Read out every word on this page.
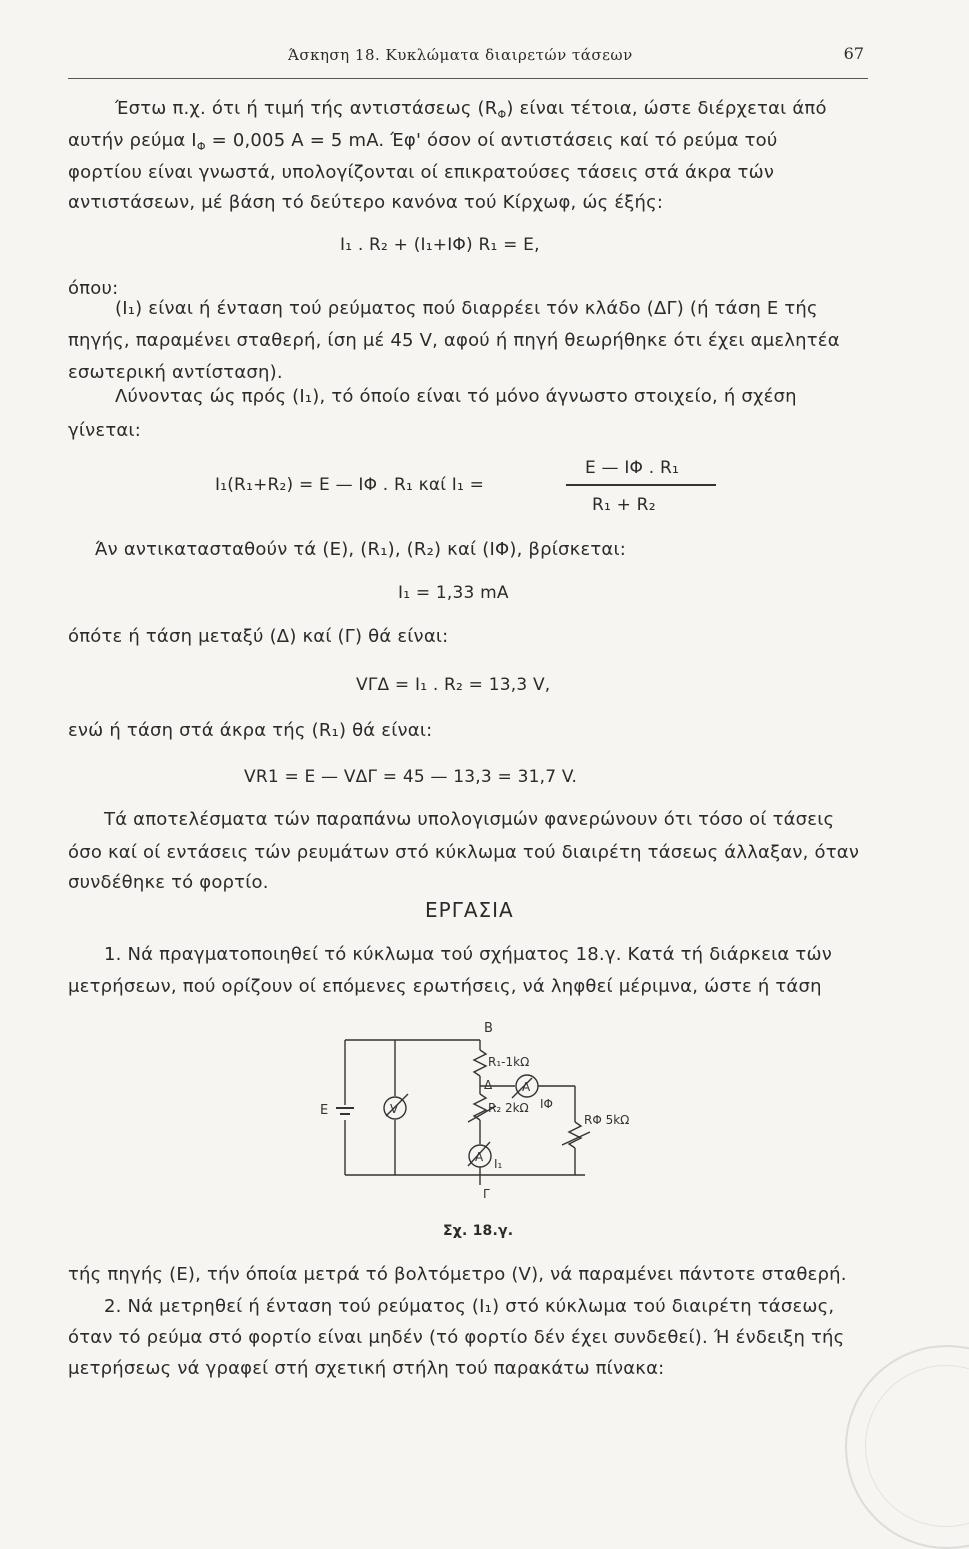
Άσκηση 18. Κυκλώματα διαιρετών τάσεων	67
Έστω π.χ. ότι ή τιμή τής αντιστάσεως $(R_\Phi)$ είναι τέτοια, ώστε διέρχεται άπό
αυτήν ρεύμα $I_\Phi = 0,005$ A = 5 mA. Έφ' όσον οί αντιστάσεις καί τό ρεύμα τού
φορτίου είναι γνωστά, υπολογίζονται οί επικρατούσες τάσεις στά άκρα τών
αντιστάσεων, μέ βάση τό δεύτερο κανόνα τού Κίρχωφ, ώς έξής:
I₁ . R₂ + (I₁+IΦ) R₁ = E,
όπου:
(I₁) είναι ή ένταση τού ρεύματος πού διαρρέει τόν κλάδο (ΔΓ) (ή τάση E τής
πηγής, παραμένει σταθερή, ίση μέ 45 V, αφού ή πηγή θεωρήθηκε ότι έχει αμελητέα
εσωτερική αντίσταση).
Λύνοντας ώς πρός (I₁), τό όποίο είναι τό μόνο άγνωστο στοιχείο, ή σχέση
γίνεται:
E — IΦ . R₁
I₁(R₁+R₂) = E — IΦ . R₁ καί I₁ =
R₁ + R₂
Άν αντικατασταθούν τά (E), (R₁), (R₂) καί (IΦ), βρίσκεται:
I₁ = 1,33 mA
όπότε ή τάση μεταξύ (Δ) καί (Γ) θά είναι:
VΓΔ = I₁ . R₂ = 13,3 V,
ενώ ή τάση στά άκρα τής (R₁) θά είναι:
VR1 = E — VΔΓ = 45 — 13,3 = 31,7 V.
Τά αποτελέσματα τών παραπάνω υπολογισμών φανερώνουν ότι τόσο οί τάσεις
όσο καί οί εντάσεις τών ρευμάτων στό κύκλωμα τού διαιρέτη τάσεως άλλαξαν, όταν
συνδέθηκε τό φορτίο.
ΕΡΓΑΣΙΑ
1. Νά πραγματοποιηθεί τό κύκλωμα τού σχήματος 18.γ. Κατά τή διάρκεια τών
μετρήσεων, πού ορίζουν οί επόμενες ερωτήσεις, νά ληφθεί μέριμνα, ώστε ή τάση
B
R₁-1kΩ
Δ A
IΦ
E	V	R₂ 2kΩ
RΦ 5kΩ
A I₁
Γ
Σχ. 18.γ.
τής πηγής (E), τήν όποία μετρά τό βολτόμετρο (V), νά παραμένει πάντοτε σταθερή.
2. Νά μετρηθεί ή ένταση τού ρεύματος (I₁) στό κύκλωμα τού διαιρέτη τάσεως,
όταν τό ρεύμα στό φορτίο είναι μηδέν (τό φορτίο δέν έχει συνδεθεί). Ή ένδειξη τής
μετρήσεως νά γραφεί στή σχετική στήλη τού παρακάτω πίνακα:
